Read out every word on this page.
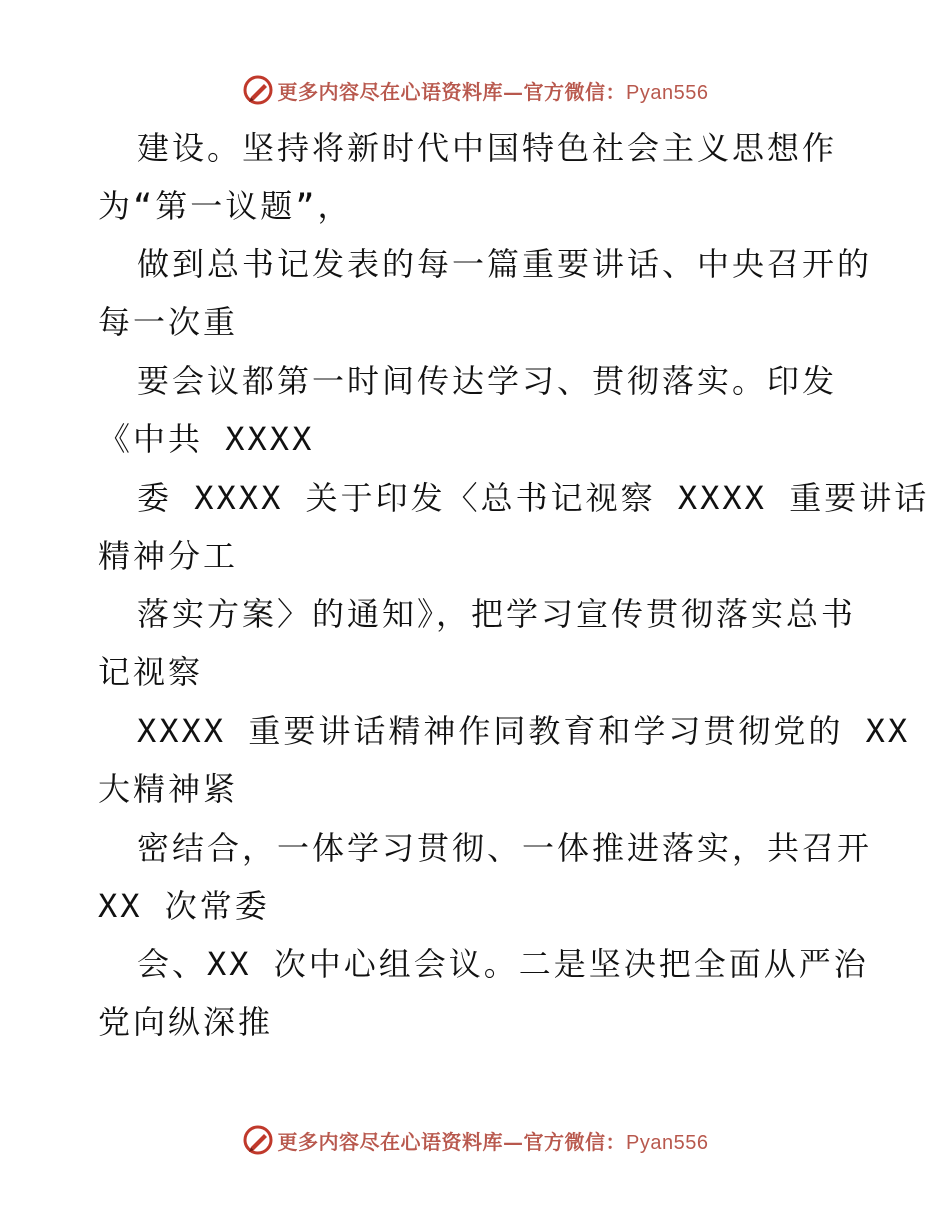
更多内容尽在心语资料库—官方微信：Pyan556
建设。坚持将新时代中国特色社会主义思想作
为“第一议题”，
做到总书记发表的每一篇重要讲话、中央召开的
每一次重
要会议都第一时间传达学习、贯彻落实。印发
《中共 XXXX
委 XXXX 关于印发〈总书记视察 XXXX 重要讲话
精神分工
落实方案〉的通知》，把学习宣传贯彻落实总书
记视察
XXXX 重要讲话精神作同教育和学习贯彻党的 XX
大精神紧
密结合，一体学习贯彻、一体推进落实，共召开
XX 次常委
会、XX 次中心组会议。二是坚决把全面从严治
党向纵深推
更多内容尽在心语资料库—官方微信：Pyan556
